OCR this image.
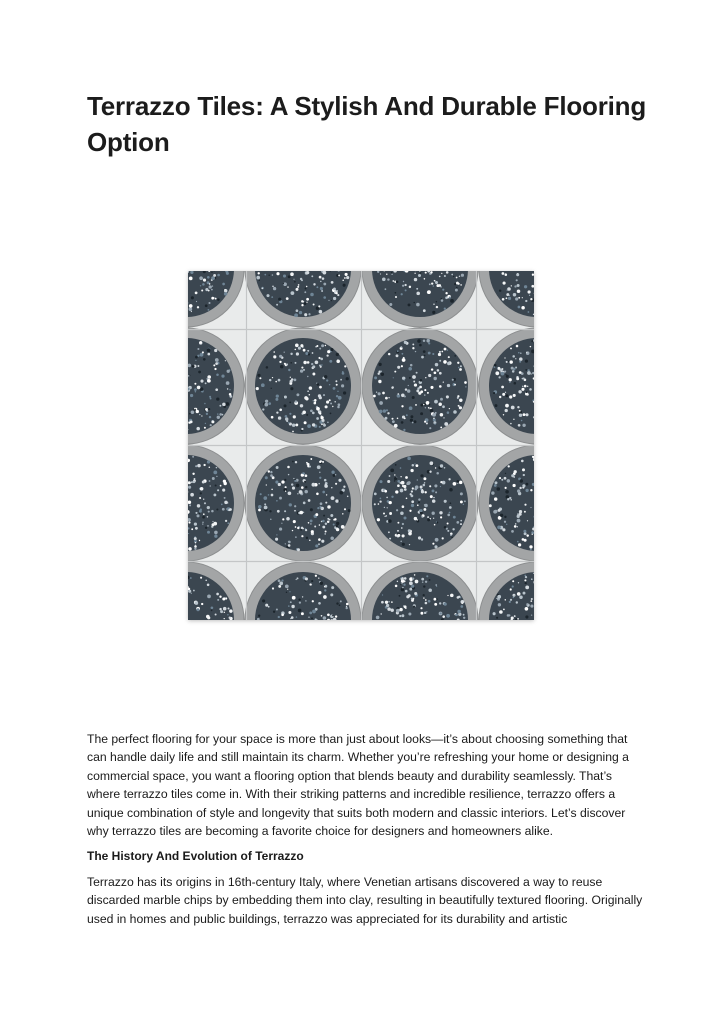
Terrazzo Tiles: A Stylish And Durable Flooring Option

The perfect flooring for your space is more than just about looks—it’s about choosing something that can handle daily life and still maintain its charm. Whether you’re refreshing your home or designing a commercial space, you want a flooring option that blends beauty and durability seamlessly. That’s where terrazzo tiles come in. With their striking patterns and incredible resilience, terrazzo offers a unique combination of style and longevity that suits both modern and classic interiors. Let’s discover why terrazzo tiles are becoming a favorite choice for designers and homeowners alike.

The History And Evolution of Terrazzo

Terrazzo has its origins in 16th-century Italy, where Venetian artisans discovered a way to reuse discarded marble chips by embedding them into clay, resulting in beautifully textured flooring. Originally used in homes and public buildings, terrazzo was appreciated for its durability and artistic
